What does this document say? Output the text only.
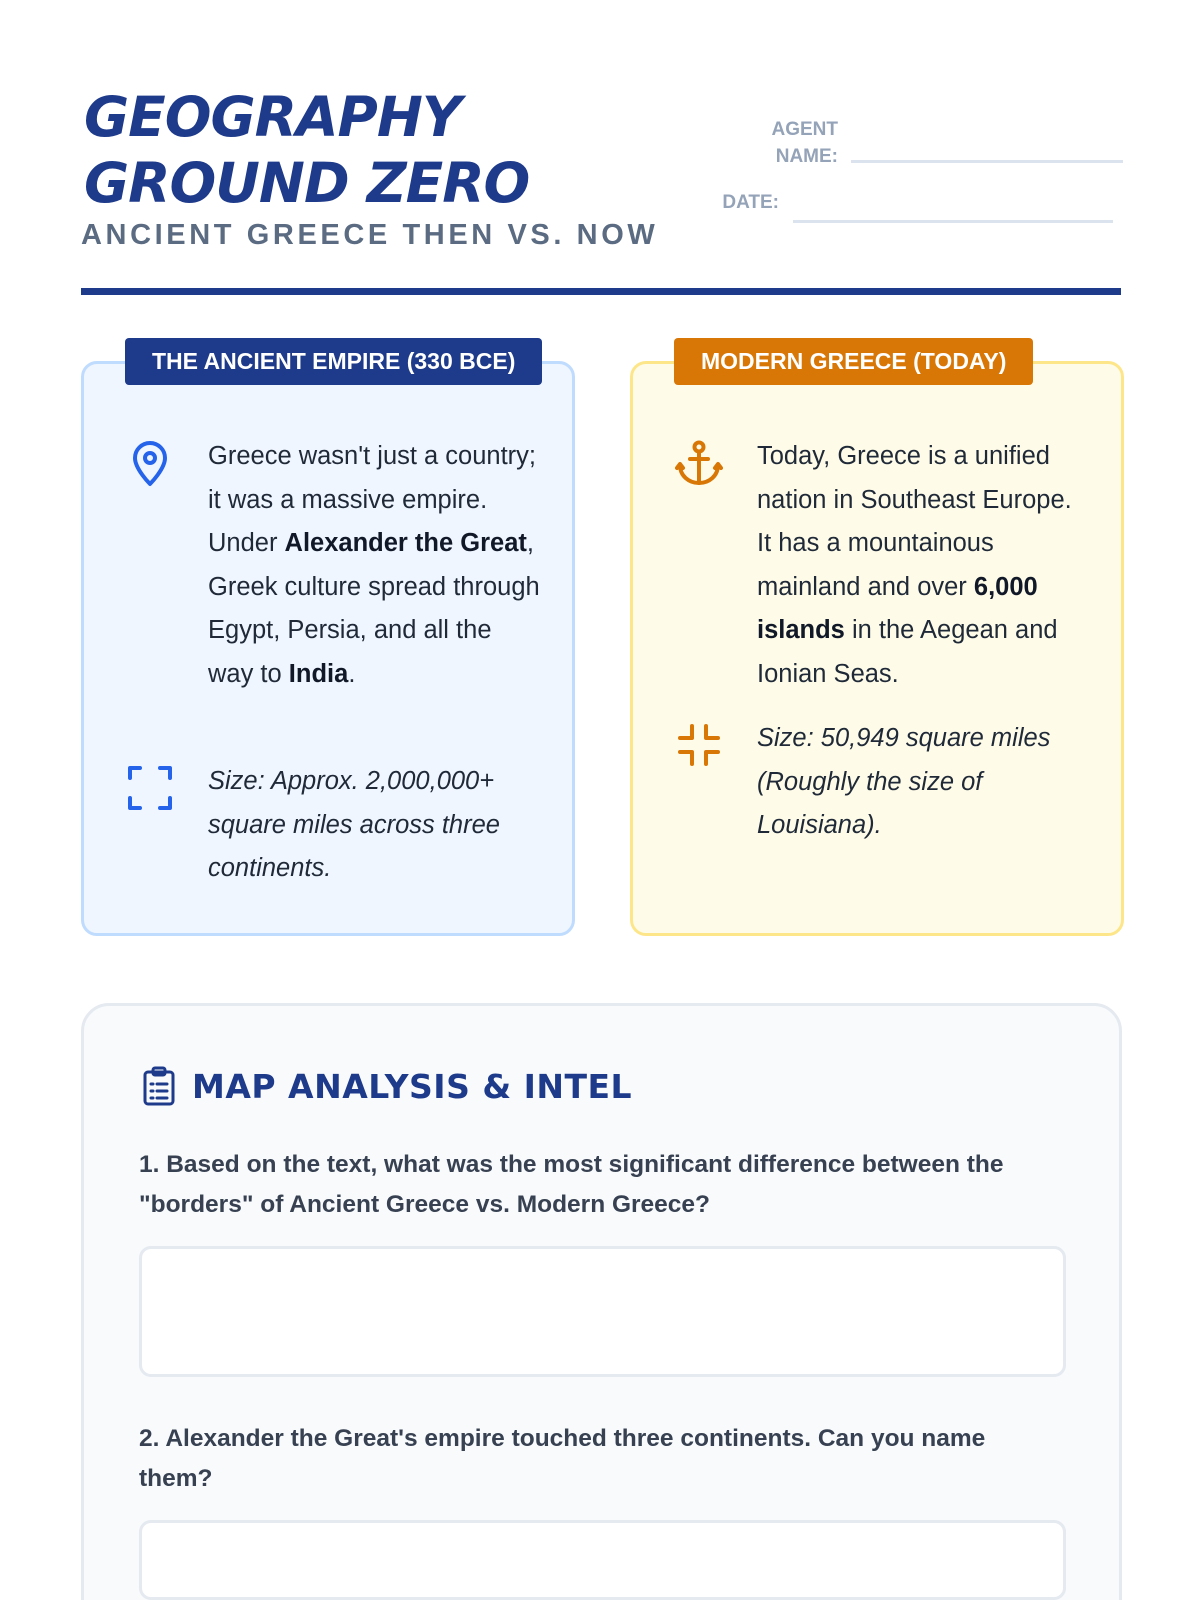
GEOGRAPHY
GROUND ZERO
ANCIENT GREECE THEN VS. NOW
AGENT
NAME:
DATE:
THE ANCIENT EMPIRE (330 BCE)
Greece wasn't just a country; it was a massive empire. Under Alexander the Great, Greek culture spread through Egypt, Persia, and all the way to India.
Size: Approx. 2,000,000+ square miles across three continents.
MODERN GREECE (TODAY)
Today, Greece is a unified nation in Southeast Europe. It has a mountainous mainland and over 6,000 islands in the Aegean and Ionian Seas.
Size: 50,949 square miles (Roughly the size of Louisiana).
MAP ANALYSIS & INTEL
1. Based on the text, what was the most significant difference between the "borders" of Ancient Greece vs. Modern Greece?
2. Alexander the Great's empire touched three continents. Can you name them?
